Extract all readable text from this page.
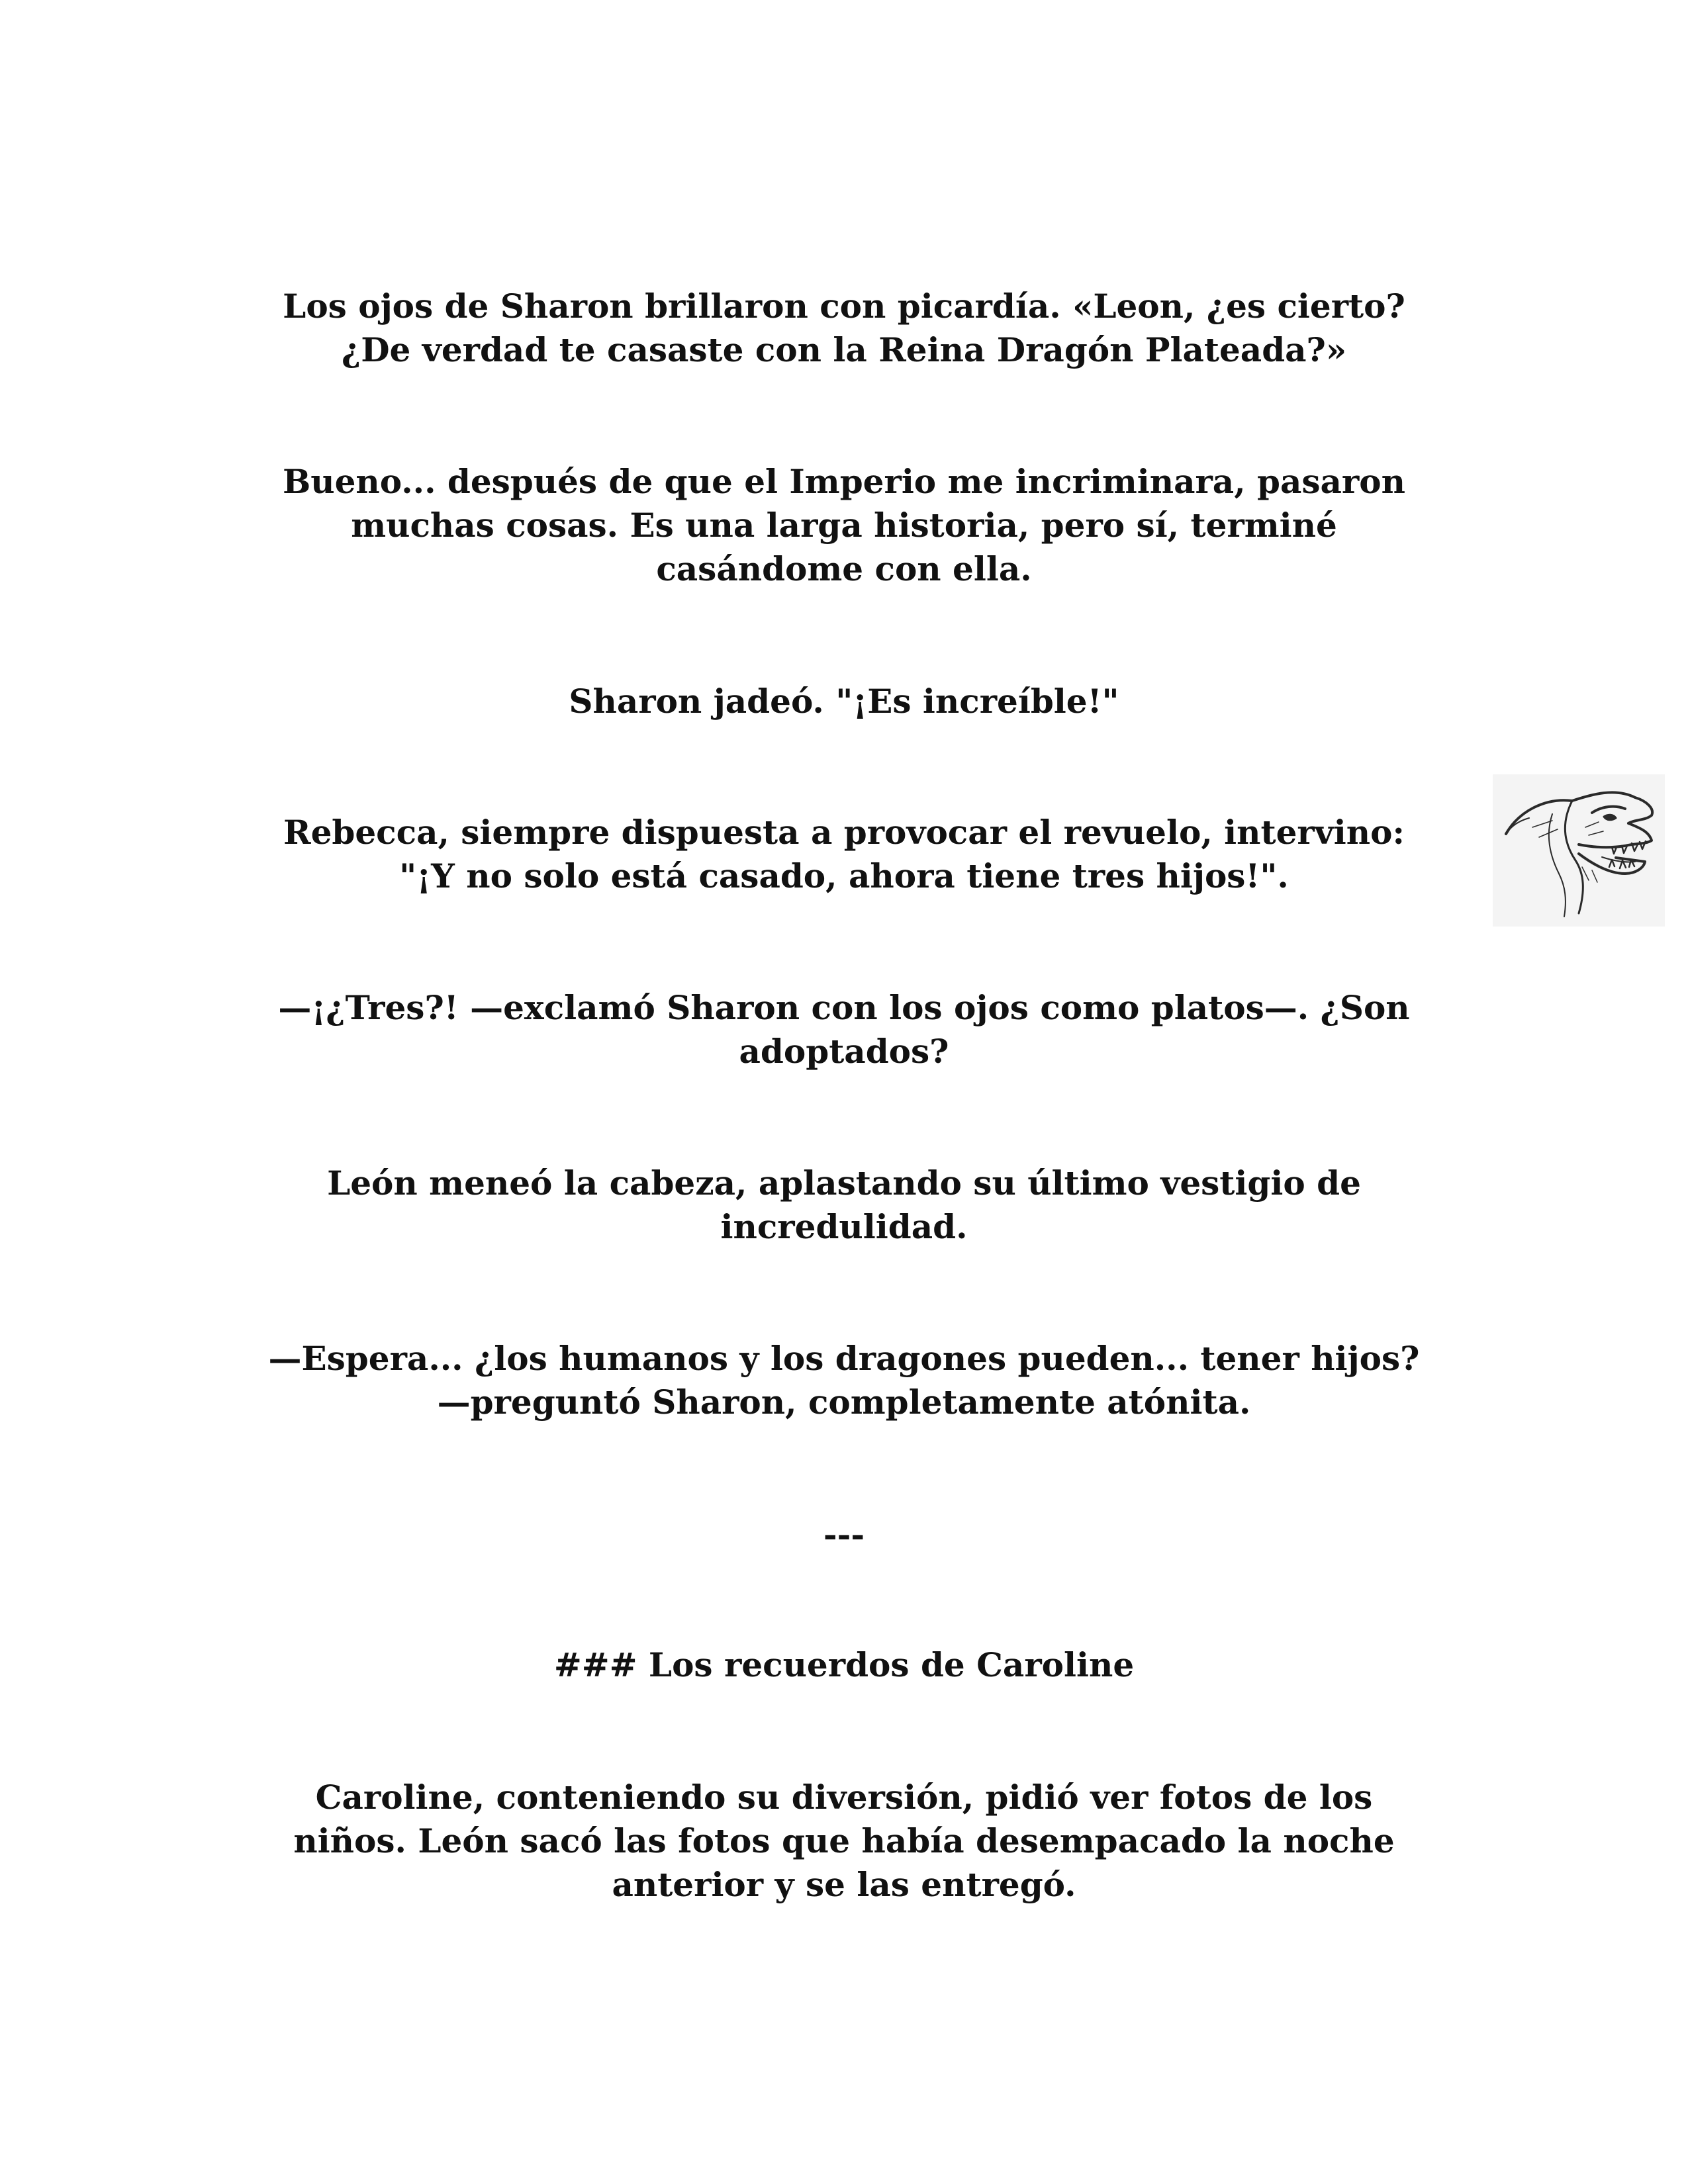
Los ojos de Sharon brillaron con picardía. «Leon, ¿es cierto?
¿De verdad te casaste con la Reina Dragón Plateada?»

Bueno... después de que el Imperio me incriminara, pasaron
muchas cosas. Es una larga historia, pero sí, terminé
casándome con ella.

Sharon jadeó. "¡Es increíble!"

Rebecca, siempre dispuesta a provocar el revuelo, intervino:
"¡Y no solo está casado, ahora tiene tres hijos!".

—¡¿Tres?! —exclamó Sharon con los ojos como platos—. ¿Son
adoptados?

León meneó la cabeza, aplastando su último vestigio de
incredulidad.

—Espera... ¿los humanos y los dragones pueden... tener hijos?
—preguntó Sharon, completamente atónita.

---

### Los recuerdos de Caroline

Caroline, conteniendo su diversión, pidió ver fotos de los
niños. León sacó las fotos que había desempacado la noche
anterior y se las entregó.
